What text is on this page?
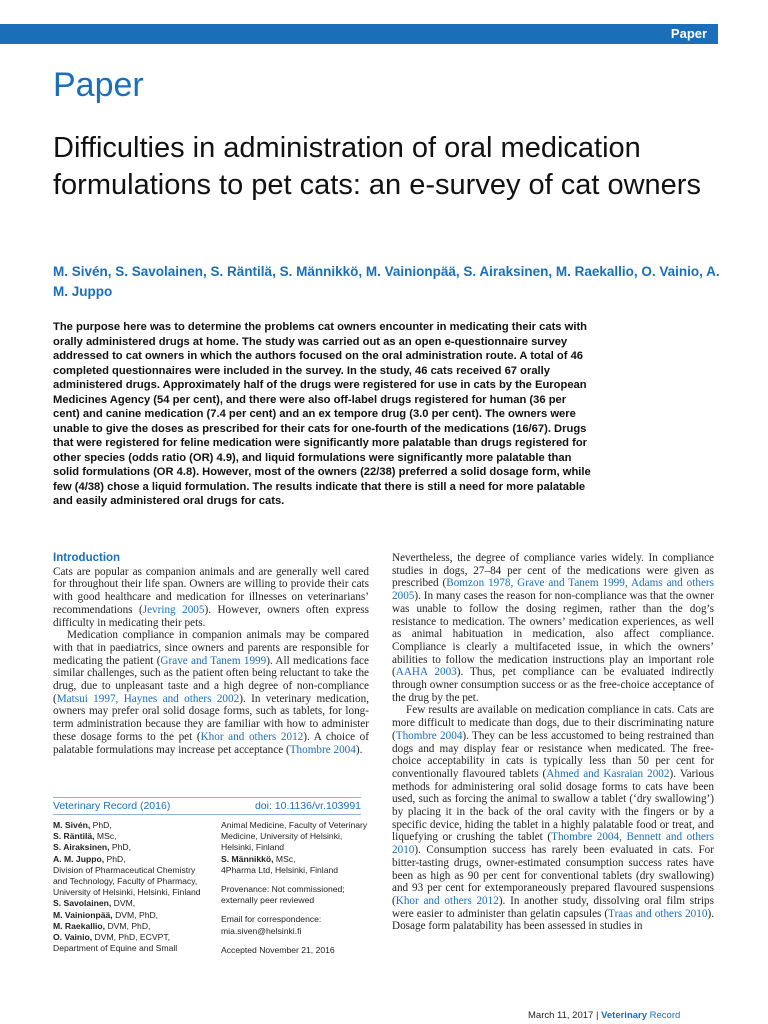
Paper
Paper
Difficulties in administration of oral medication formulations to pet cats: an e-survey of cat owners
M. Sivén, S. Savolainen, S. Räntilä, S. Männikkö, M. Vainionpää, S. Airaksinen, M. Raekallio, O. Vainio, A. M. Juppo
The purpose here was to determine the problems cat owners encounter in medicating their cats with orally administered drugs at home. The study was carried out as an open e-questionnaire survey addressed to cat owners in which the authors focused on the oral administration route. A total of 46 completed questionnaires were included in the survey. In the study, 46 cats received 67 orally administered drugs. Approximately half of the drugs were registered for use in cats by the European Medicines Agency (54 per cent), and there were also off-label drugs registered for human (36 per cent) and canine medication (7.4 per cent) and an ex tempore drug (3.0 per cent). The owners were unable to give the doses as prescribed for their cats for one-fourth of the medications (16/67). Drugs that were registered for feline medication were significantly more palatable than drugs registered for other species (odds ratio (OR) 4.9), and liquid formulations were significantly more palatable than solid formulations (OR 4.8). However, most of the owners (22/38) preferred a solid dosage form, while few (4/38) chose a liquid formulation. The results indicate that there is still a need for more palatable and easily administered oral drugs for cats.
Introduction

Cats are popular as companion animals and are generally well cared for throughout their life span. Owners are willing to provide their cats with good healthcare and medication for illnesses on veterinarians’ recommendations (Jevring 2005). However, owners often express difficulty in medicating their pets.

Medication compliance in companion animals may be compared with that in paediatrics, since owners and parents are responsible for medicating the patient (Grave and Tanem 1999). All medications face similar challenges, such as the patient often being reluctant to take the drug, due to unpleasant taste and a high degree of non-compliance (Matsui 1997, Haynes and others 2002). In veterinary medication, owners may prefer oral solid dosage forms, such as tablets, for long-term administration because they are familiar with how to administer these dosage forms to the pet (Khor and others 2012). A choice of palatable formulations may increase pet acceptance (Thombre 2004).

Nevertheless, the degree of compliance varies widely. In compliance studies in dogs, 27–84 per cent of the medications were given as prescribed (Bomzon 1978, Grave and Tanem 1999, Adams and others 2005). In many cases the reason for non-compliance was that the owner was unable to follow the dosing regimen, rather than the dog’s resistance to medication. The owners’ medication experiences, as well as animal habituation in medication, also affect compliance. Compliance is clearly a multifaceted issue, in which the owners’ abilities to follow the medication instructions play an important role (AAHA 2003). Thus, pet compliance can be evaluated indirectly through owner consumption success or as the free-choice acceptance of the drug by the pet.

Few results are available on medication compliance in cats. Cats are more difficult to medicate than dogs, due to their discriminating nature (Thombre 2004). They can be less accustomed to being restrained than dogs and may display fear or resistance when medicated. The free-choice acceptability in cats is typically less than 50 per cent for conventionally flavoured tablets (Ahmed and Kasraian 2002). Various methods for administering oral solid dosage forms to cats have been used, such as forcing the animal to swallow a tablet (‘dry swallowing’) by placing it in the back of the oral cavity with the fingers or by a specific device, hiding the tablet in a highly palatable food or treat, and liquefying or crushing the tablet (Thombre 2004, Bennett and others 2010). Consumption success has rarely been evaluated in cats. For bitter-tasting drugs, owner-estimated consumption success rates have been as high as 90 per cent for conventional tablets (dry swallowing) and 93 per cent for extemporaneously prepared flavoured suspensions (Khor and others 2012). In another study, dissolving oral film strips were easier to administer than gelatin capsules (Traas and others 2010). Dosage form palatability has been assessed in studies in

Veterinary Record (2016)	doi: 10.1136/vr.103991
M. Sivén, PhD,
S. Räntilä, MSc,
S. Airaksinen, PhD,
A. M. Juppo, PhD,
Division of Pharmaceutical Chemistry
and Technology, Faculty of Pharmacy,
University of Helsinki, Helsinki, Finland
S. Savolainen, DVM,
M. Vainionpää, DVM, PhD,
M. Raekallio, DVM, PhD,
O. Vainio, DVM, PhD, ECVPT,
Department of Equine and Small
Animal Medicine, Faculty of Veterinary
Medicine, University of Helsinki,
Helsinki, Finland
S. Männikkö, MSc,
4Pharma Ltd, Helsinki, Finland
Provenance: Not commissioned;
externally peer reviewed
Email for correspondence:
mia.siven@helsinki.fi
Accepted November 21, 2016
March 11, 2017 | Veterinary Record
